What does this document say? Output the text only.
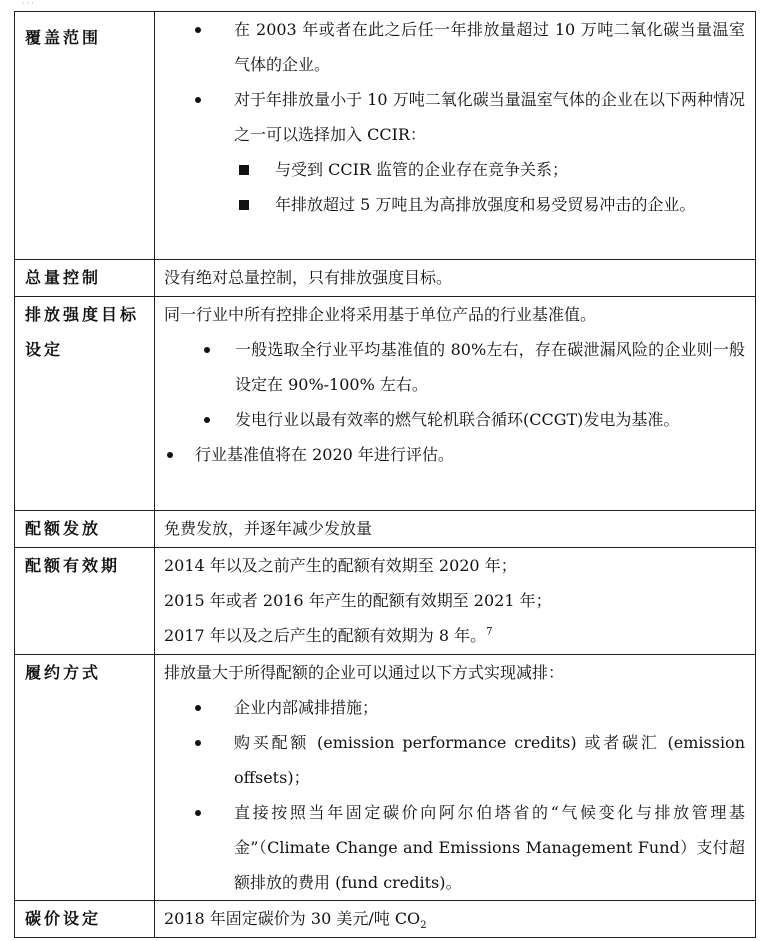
' ' '
覆盖范围	在 2003 年或者在此之后任一年排放量超过 10 万吨二氧化碳当量温室气体的企业。
对于年排放量小于 10 万吨二氧化碳当量温室气体的企业在以下两种情况之一可以选择加入 CCIR：
与受到 CCIR 监管的企业存在竞争关系；
年排放超过 5 万吨且为高排放强度和易受贸易冲击的企业。

总量控制	没有绝对总量控制，只有排放强度目标。

排放强度目标设定	同一行业中所有控排企业将采用基于单位产品的行业基准值。
一般选取全行业平均基准值的 80%左右，存在碳泄漏风险的企业则一般设定在 90%-100% 左右。
发电行业以最有效率的燃气轮机联合循环(CCGT)发电为基准。
行业基准值将在 2020 年进行评估。

配额发放	免费发放，并逐年减少发放量

配额有效期	2014 年以及之前产生的配额有效期至 2020 年；
2015 年或者 2016 年产生的配额有效期至 2021 年；
2017 年以及之后产生的配额有效期为 8 年。$^7$

履约方式	排放量大于所得配额的企业可以通过以下方式实现减排：
企业内部减排措施；
购买配额 (emission performance credits) 或者碳汇 (emission offsets)；
直接按照当年固定碳价向阿尔伯塔省的“气候变化与排放管理基金”（Climate Change and Emissions Management Fund）支付超额排放的费用 (fund credits)。

碳价设定	2018 年固定碳价为 30 美元/吨 $CO_2$
